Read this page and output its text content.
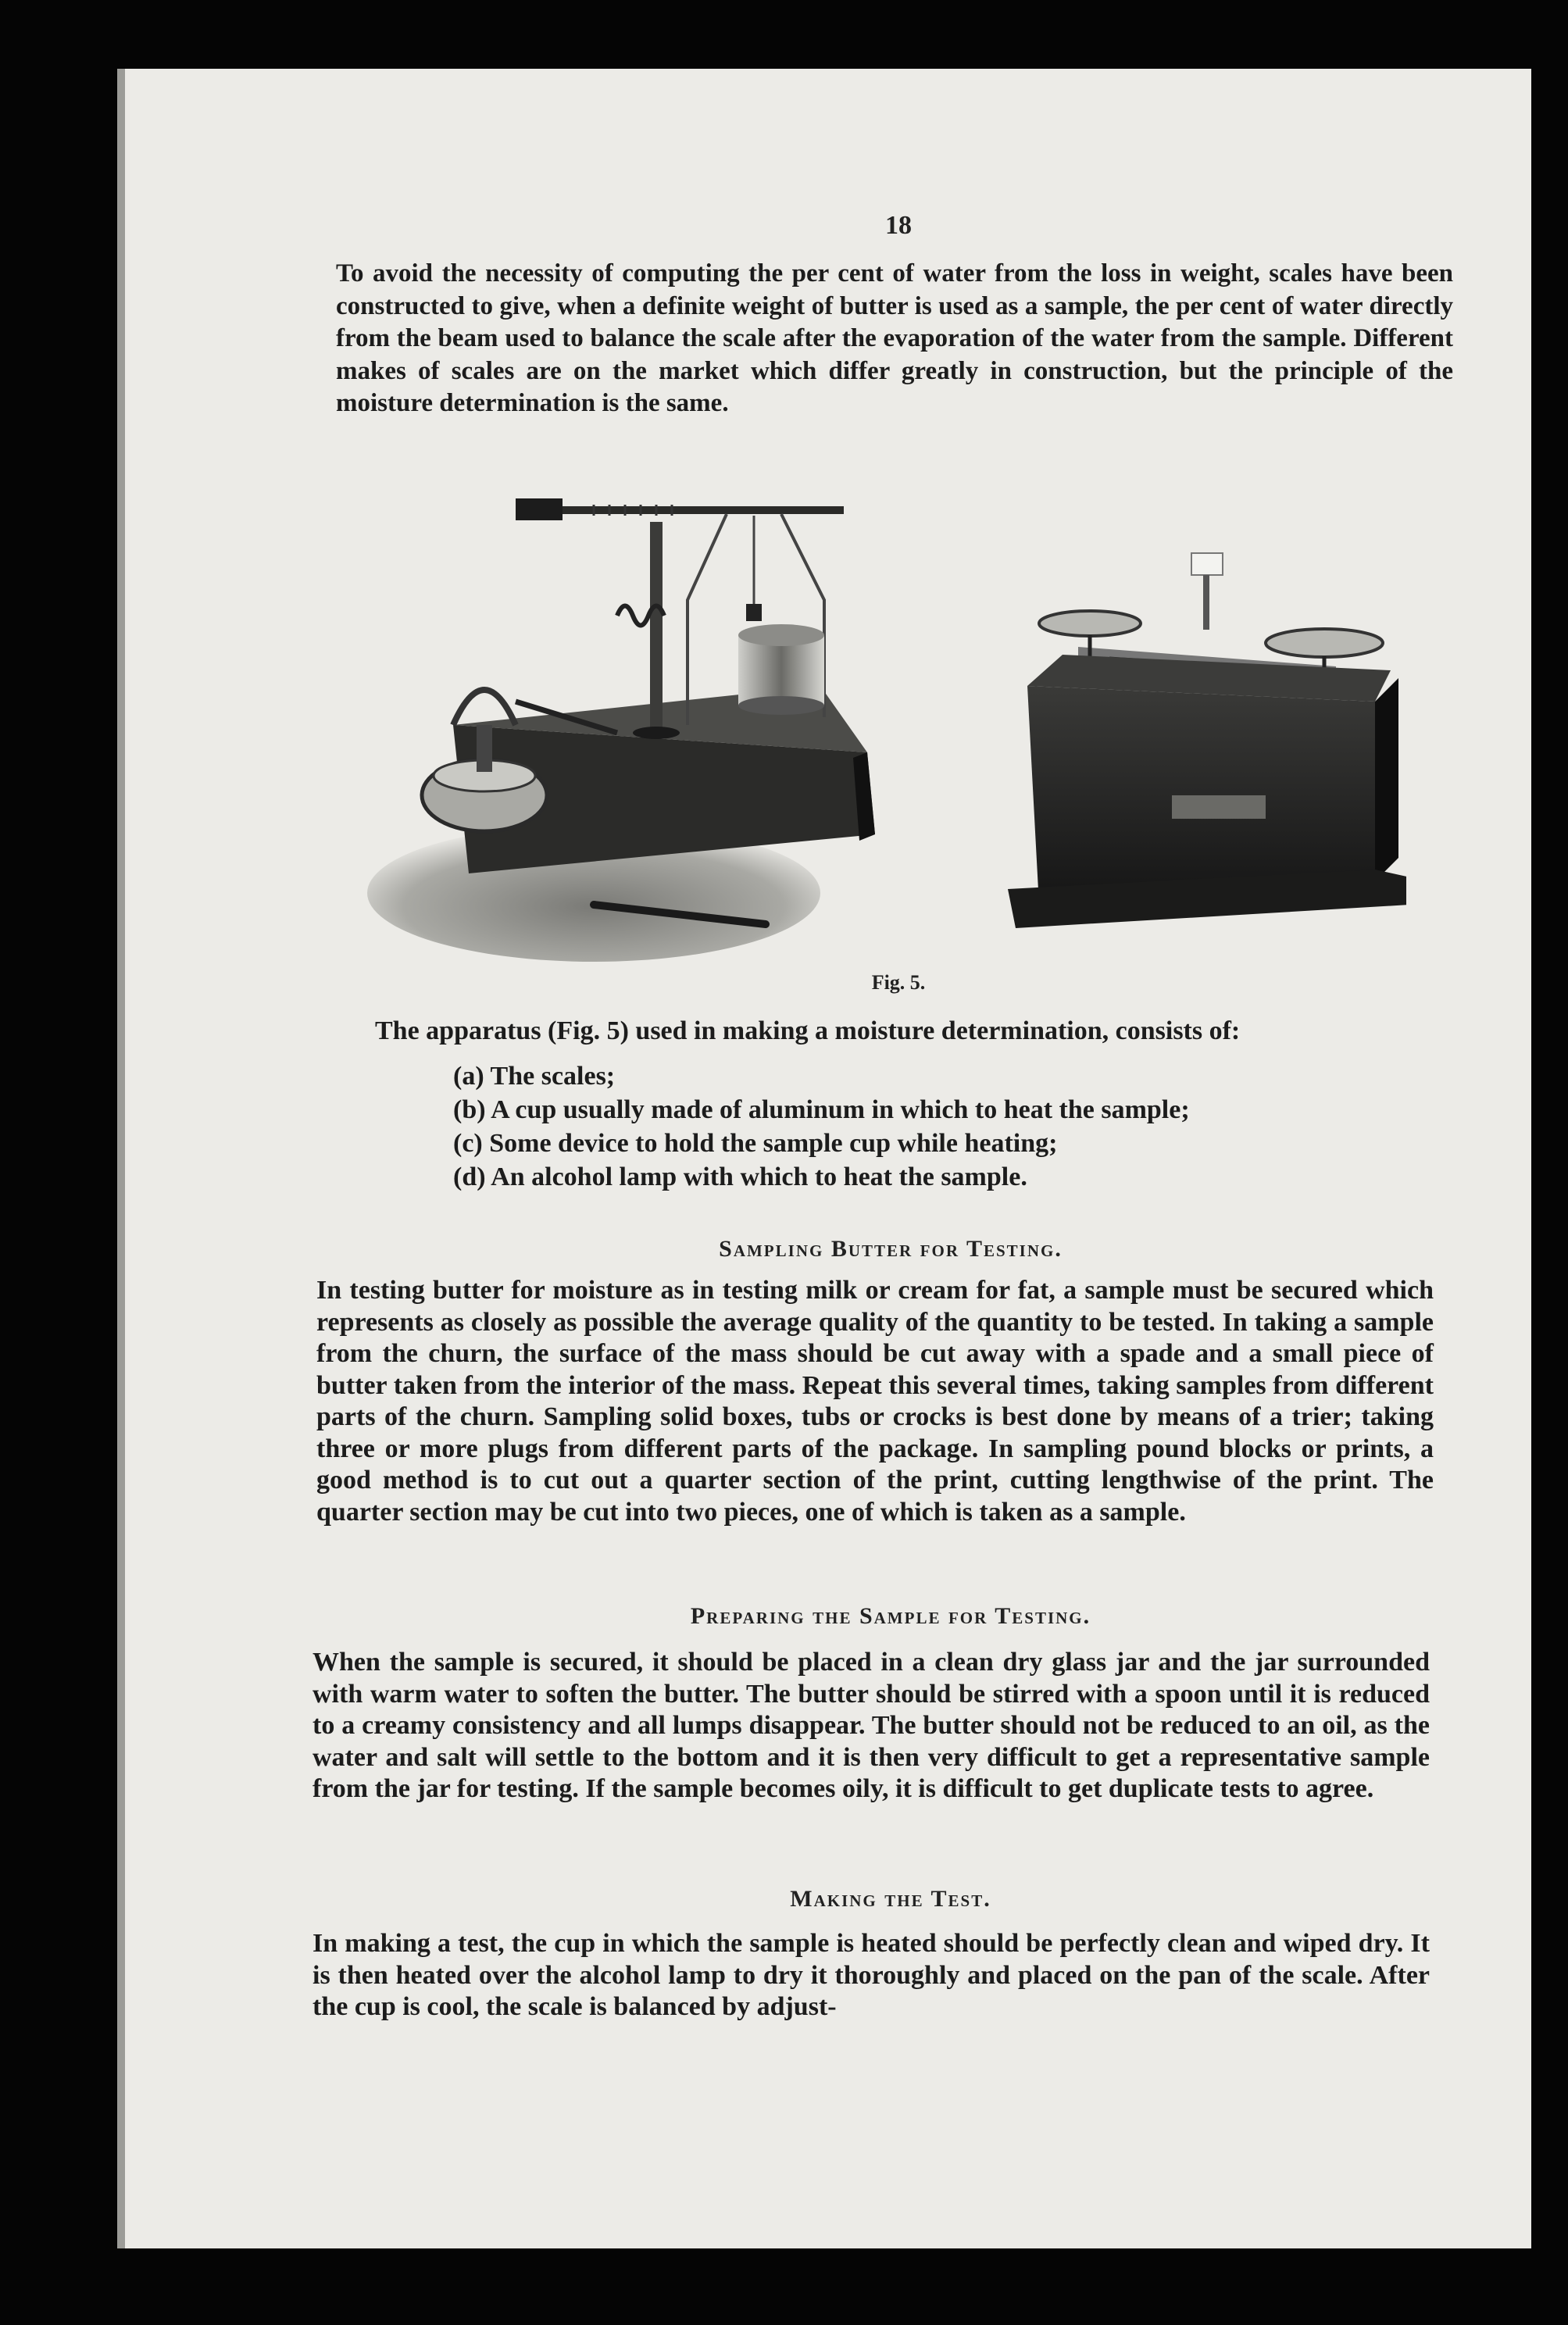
18

To avoid the necessity of computing the per cent of water from the loss in weight, scales have been constructed to give, when a definite weight of butter is used as a sample, the per cent of water directly from the beam used to balance the scale after the evaporation of the water from the sample. Different makes of scales are on the market which differ greatly in construction, but the principle of the moisture determination is the same.

Fig. 5.

The apparatus (Fig. 5) used in making a moisture determination, consists of:

(a) The scales;
(b) A cup usually made of aluminum in which to heat the sample;
(c) Some device to hold the sample cup while heating;
(d) An alcohol lamp with which to heat the sample.
Sampling Butter for Testing.

In testing butter for moisture as in testing milk or cream for fat, a sample must be secured which represents as closely as possible the average quality of the quantity to be tested. In taking a sample from the churn, the surface of the mass should be cut away with a spade and a small piece of butter taken from the interior of the mass. Repeat this several times, taking samples from different parts of the churn. Sampling solid boxes, tubs or crocks is best done by means of a trier; taking three or more plugs from different parts of the package. In sampling pound blocks or prints, a good method is to cut out a quarter section of the print, cutting lengthwise of the print. The quarter section may be cut into two pieces, one of which is taken as a sample.

Preparing the Sample for Testing.

When the sample is secured, it should be placed in a clean dry glass jar and the jar surrounded with warm water to soften the butter. The butter should be stirred with a spoon until it is reduced to a creamy consistency and all lumps disappear. The butter should not be reduced to an oil, as the water and salt will settle to the bottom and it is then very difficult to get a representative sample from the jar for testing. If the sample becomes oily, it is difficult to get duplicate tests to agree.

Making the Test.

In making a test, the cup in which the sample is heated should be perfectly clean and wiped dry. It is then heated over the alcohol lamp to dry it thoroughly and placed on the pan of the scale. After the cup is cool, the scale is balanced by adjust-
